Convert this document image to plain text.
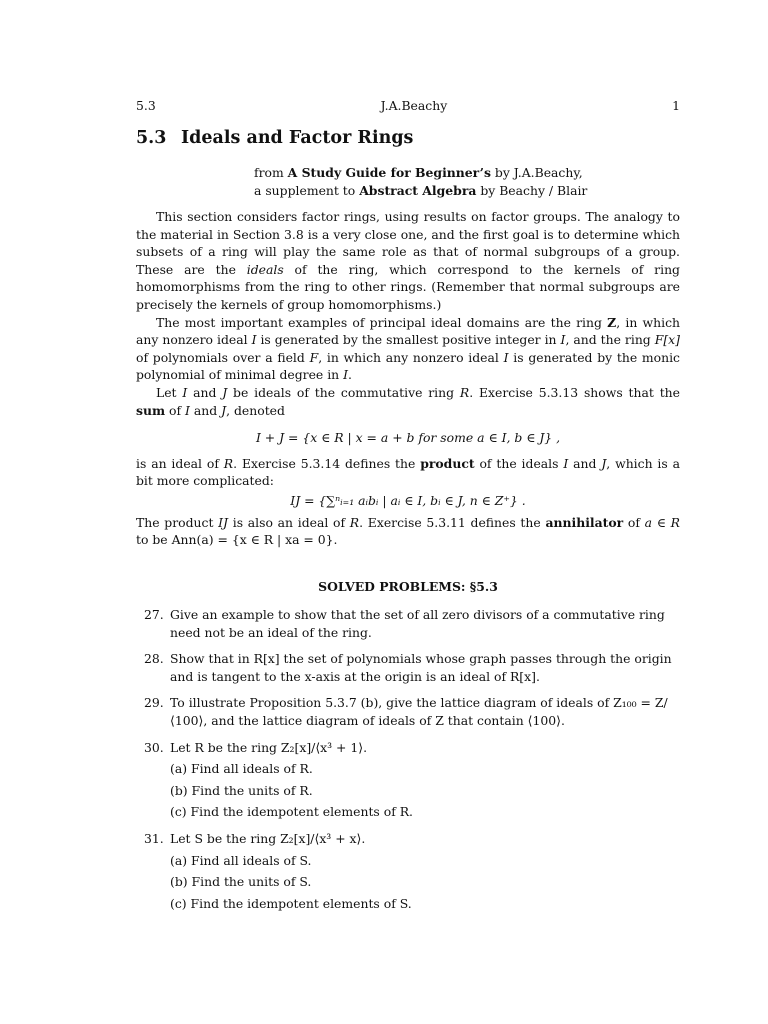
5.3	J.A.Beachy	1
5.3 Ideals and Factor Rings
from A Study Guide for Beginner’s by J.A.Beachy,
a supplement to Abstract Algebra by Beachy / Blair

This section considers factor rings, using results on factor groups. The analogy to the material in Section 3.8 is a very close one, and the first goal is to determine which subsets of a ring will play the same role as that of normal subgroups of a group. These are the ideals of the ring, which correspond to the kernels of ring homomorphisms from the ring to other rings. (Remember that normal subgroups are precisely the kernels of group homomorphisms.)

The most important examples of principal ideal domains are the ring Z, in which any nonzero ideal I is generated by the smallest positive integer in I, and the ring F[x] of polynomials over a field F, in which any nonzero ideal I is generated by the monic polynomial of minimal degree in I.

Let I and J be ideals of the commutative ring R. Exercise 5.3.13 shows that the sum of I and J, denoted

I + J = {x ∈ R | x = a + b for some a ∈ I, b ∈ J} ,

is an ideal of R. Exercise 5.3.14 defines the product of the ideals I and J, which is a bit more complicated:

IJ = {∑ⁿᵢ₌₁ aᵢbᵢ | aᵢ ∈ I, bᵢ ∈ J, n ∈ Z⁺} .

The product IJ is also an ideal of R. Exercise 5.3.11 defines the annihilator of a ∈ R to be Ann(a) = {x ∈ R | xa = 0}.

SOLVED PROBLEMS: §5.3
27. Give an example to show that the set of all zero divisors of a commutative ring need not be an ideal of the ring.
28. Show that in R[x] the set of polynomials whose graph passes through the origin and is tangent to the x-axis at the origin is an ideal of R[x].
29. To illustrate Proposition 5.3.7 (b), give the lattice diagram of ideals of Z₁₀₀ = Z/⟨100⟩, and the lattice diagram of ideals of Z that contain ⟨100⟩.
30. Let R be the ring Z₂[x]/⟨x³ + 1⟩.
(a) Find all ideals of R.
(b) Find the units of R.
(c) Find the idempotent elements of R.
31. Let S be the ring Z₂[x]/⟨x³ + x⟩.
(a) Find all ideals of S.
(b) Find the units of S.
(c) Find the idempotent elements of S.
